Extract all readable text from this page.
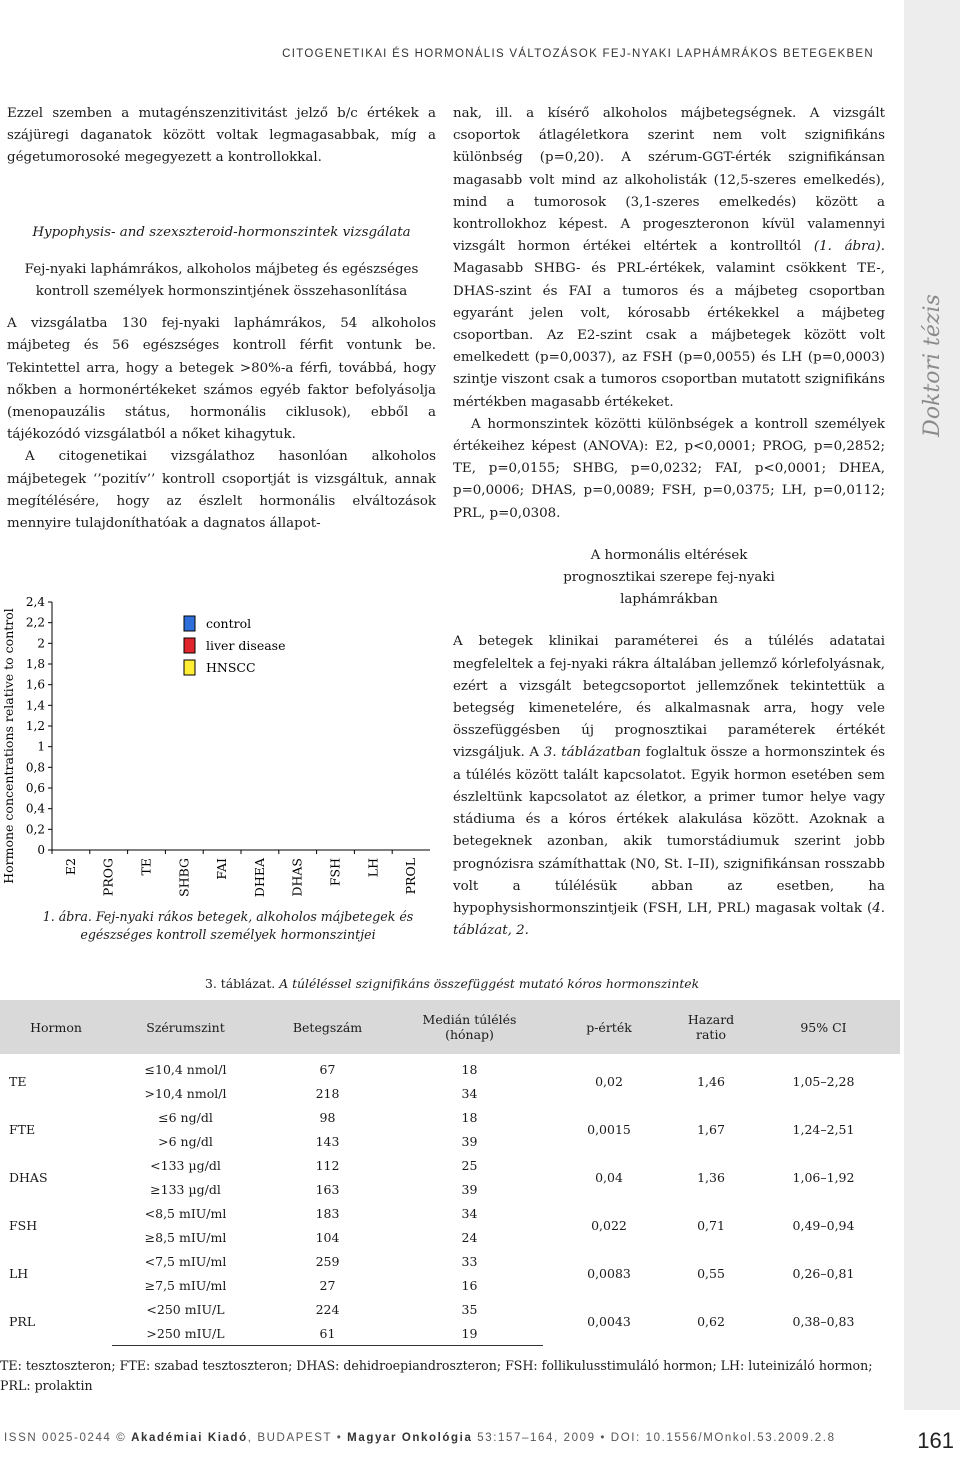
CITOGENETIKAI ÉS HORMONÁLIS VÁLTOZÁSOK FEJ-NYAKI LAPHÁMRÁKOS BETEGEKBEN
Doktori tézis

Ezzel szemben a mutagénszenzitivitást jelző b/c értékek a szájüregi daganatok között voltak legmagasabbak, míg a gégetumorosoké megegyezett a kontrollokkal.

Hypophysis- and szexszteroid-hormonszintek vizsgálata

Fej-nyaki laphámrákos, alkoholos májbeteg és egészséges kontroll személyek hormonszintjének összehasonlítása

A vizsgálatba 130 fej-nyaki laphámrákos, 54 alkoholos májbeteg és 56 egészséges kontroll férfit vontunk be. Tekintettel arra, hogy a betegek >80%-a férfi, továbbá, hogy nőkben a hormonértékeket számos egyéb faktor befolyásolja (menopauzális státus, hormonális ciklusok), ebből a tájékozódó vizsgálatból a nőket kihagytuk.

A citogenetikai vizsgálathoz hasonlóan alkoholos májbetegek ‘’pozitív’’ kontroll csoportját is vizsgáltuk, annak megítélésére, hogy az észlelt hormonális elváltozások mennyire tulajdoníthatóak a dagnatos állapot-

0
0,2
0,4
0,6
0,8
1
1,2
1,4
1,6
1,8
2
2,2
2,4
Hormone concentrations relative to control	E2 PROG TE SHBG FAI DHEA DHAS FSH LH PROL
control
liver disease
HNSCC
1. ábra. Fej-nyaki rákos betegek, alkoholos májbetegek és egészséges kontroll személyek hormonszintjei

nak, ill. a kísérő alkoholos májbetegségnek. A vizsgált csoportok átlagéletkora szerint nem volt szignifikáns különbség (p=0,20). A szérum-GGT-érték szignifikánsan magasabb volt mind az alkoholisták (12,5-szeres emelkedés), mind a tumorosok (3,1-szeres emelkedés) között a kontrollokhoz képest. A progeszteronon kívül valamennyi vizsgált hormon értékei eltértek a kontrolltól (1. ábra). Magasabb SHBG- és PRL-értékek, valamint csökkent TE-, DHAS-szint és FAI a tumoros és a májbeteg csoportban egyaránt jelen volt, kórosabb értékekkel a májbeteg csoportban. Az E2-szint csak a májbetegek között volt emelkedett (p=0,0037), az FSH (p=0,0055) és LH (p=0,0003) szintje viszont csak a tumoros csoportban mutatott szignifikáns mértékben magasabb értékeket.

A hormonszintek közötti különbségek a kontroll személyek értékeihez képest (ANOVA): E2, p<0,0001; PROG, p=0,2852; TE, p=0,0155; SHBG, p=0,0232; FAI, p<0,0001; DHEA, p=0,0006; DHAS, p=0,0089; FSH, p=0,0375; LH, p=0,0112; PRL, p=0,0308.

A hormonális eltérések prognosztikai szerepe fej-nyaki laphámrákban

A betegek klinikai paraméterei és a túlélés adatatai megfeleltek a fej-nyaki rákra általában jellemző kórlefolyásnak, ezért a vizsgált betegcsoportot jellemzőnek tekintettük a betegség kimenetelére, és alkalmasnak arra, hogy vele összefüggésben új prognosztikai paraméterek értékét vizsgáljuk. A 3. táblázatban foglaltuk össze a hormonszintek és a túlélés között talált kapcsolatot. Egyik hormon esetében sem észleltünk kapcsolatot az életkor, a primer tumor helye vagy stádiuma és a kóros értékek alakulása között. Azoknak a betegeknek azonban, akik tumorstádiumuk szerint jobb prognózisra számíthattak (N0, St. I–II), szignifikánsan rosszabb volt a túlélésük abban az esetben, ha hypophysishormonszintjeik (FSH, LH, PRL) magasak voltak (4. táblázat, 2.

3. táblázat. A túléléssel szignifikáns összefüggést mutató kóros hormonszintek
Hormon	Szérumszint	Betegszám	Medián túlélés (hónap)	p-érték	Hazard
ratio	95% CI
TE	≤10,4 nmol/l	67	18	0,02	1,46	1,05–2,28
	>10,4 nmol/l	218	34			
FTE	≤6 ng/dl	98	18	0,0015	1,67	1,24–2,51
	>6 ng/dl	143	39			
DHAS	<133 µg/dl	112	25	0,04	1,36	1,06–1,92
	≥133 µg/dl	163	39			
FSH	<8,5 mIU/ml	183	34	0,022	0,71	0,49–0,94
	≥8,5 mIU/ml	104	24			
LH	<7,5 mIU/ml	259	33	0,0083	0,55	0,26–0,81
	≥7,5 mIU/ml	27	16			
PRL	<250 mIU/L	224	35	0,0043	0,62	0,38–0,83
	>250 mIU/L	61	19			
TE: tesztoszteron; FTE: szabad tesztoszteron; DHAS: dehidroepiandroszteron; FSH: follikulusstimuláló hormon; LH: luteinizáló hormon; PRL: prolaktin
ISSN 0025-0244 © Akadémiai Kiadó, BUDAPEST • Magyar Onkológia 53:157–164, 2009 • DOI: 10.1556/MOnkol.53.2009.2.8	161
